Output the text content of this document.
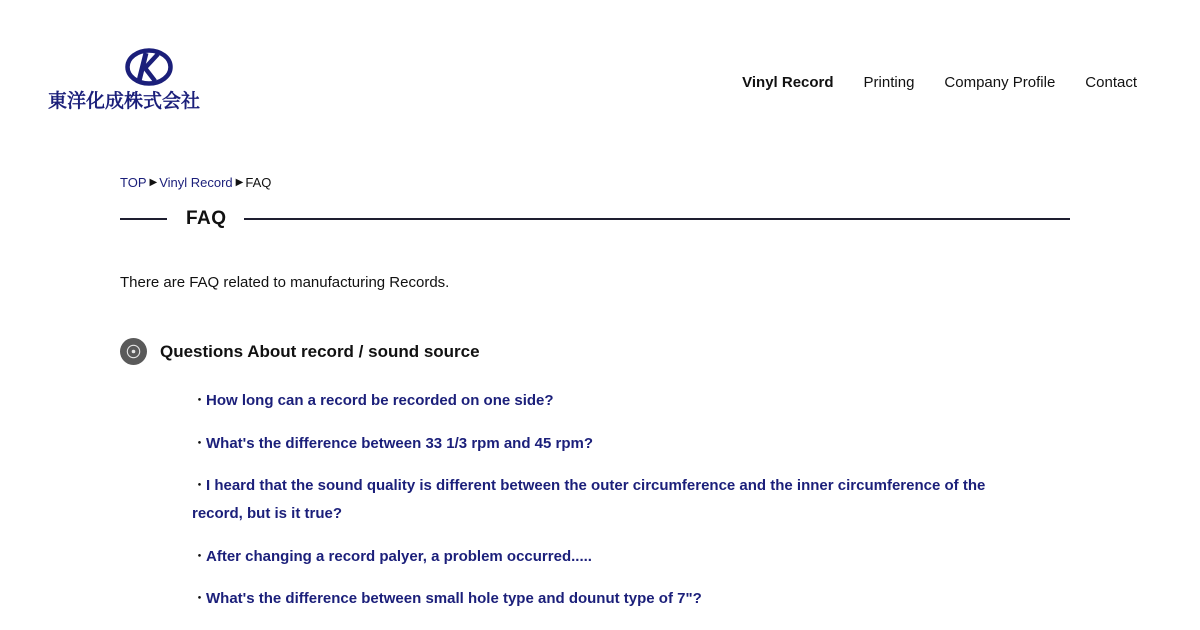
東洋化成株式会社
Vinyl Record Printing Company Profile Contact
TOP ▶ Vinyl Record ▶ FAQ
FAQ

There are FAQ related to manufacturing Records.

Questions About record / sound source
・How long can a record be recorded on one side?
・What's the difference between 33 1/3 rpm and 45 rpm?
・I heard that the sound quality is different between the outer circumference and the inner circumference of the record, but is it true?
・After changing a record palyer, a problem occurred.....
・What's the difference between small hole type and dounut type of 7"?
